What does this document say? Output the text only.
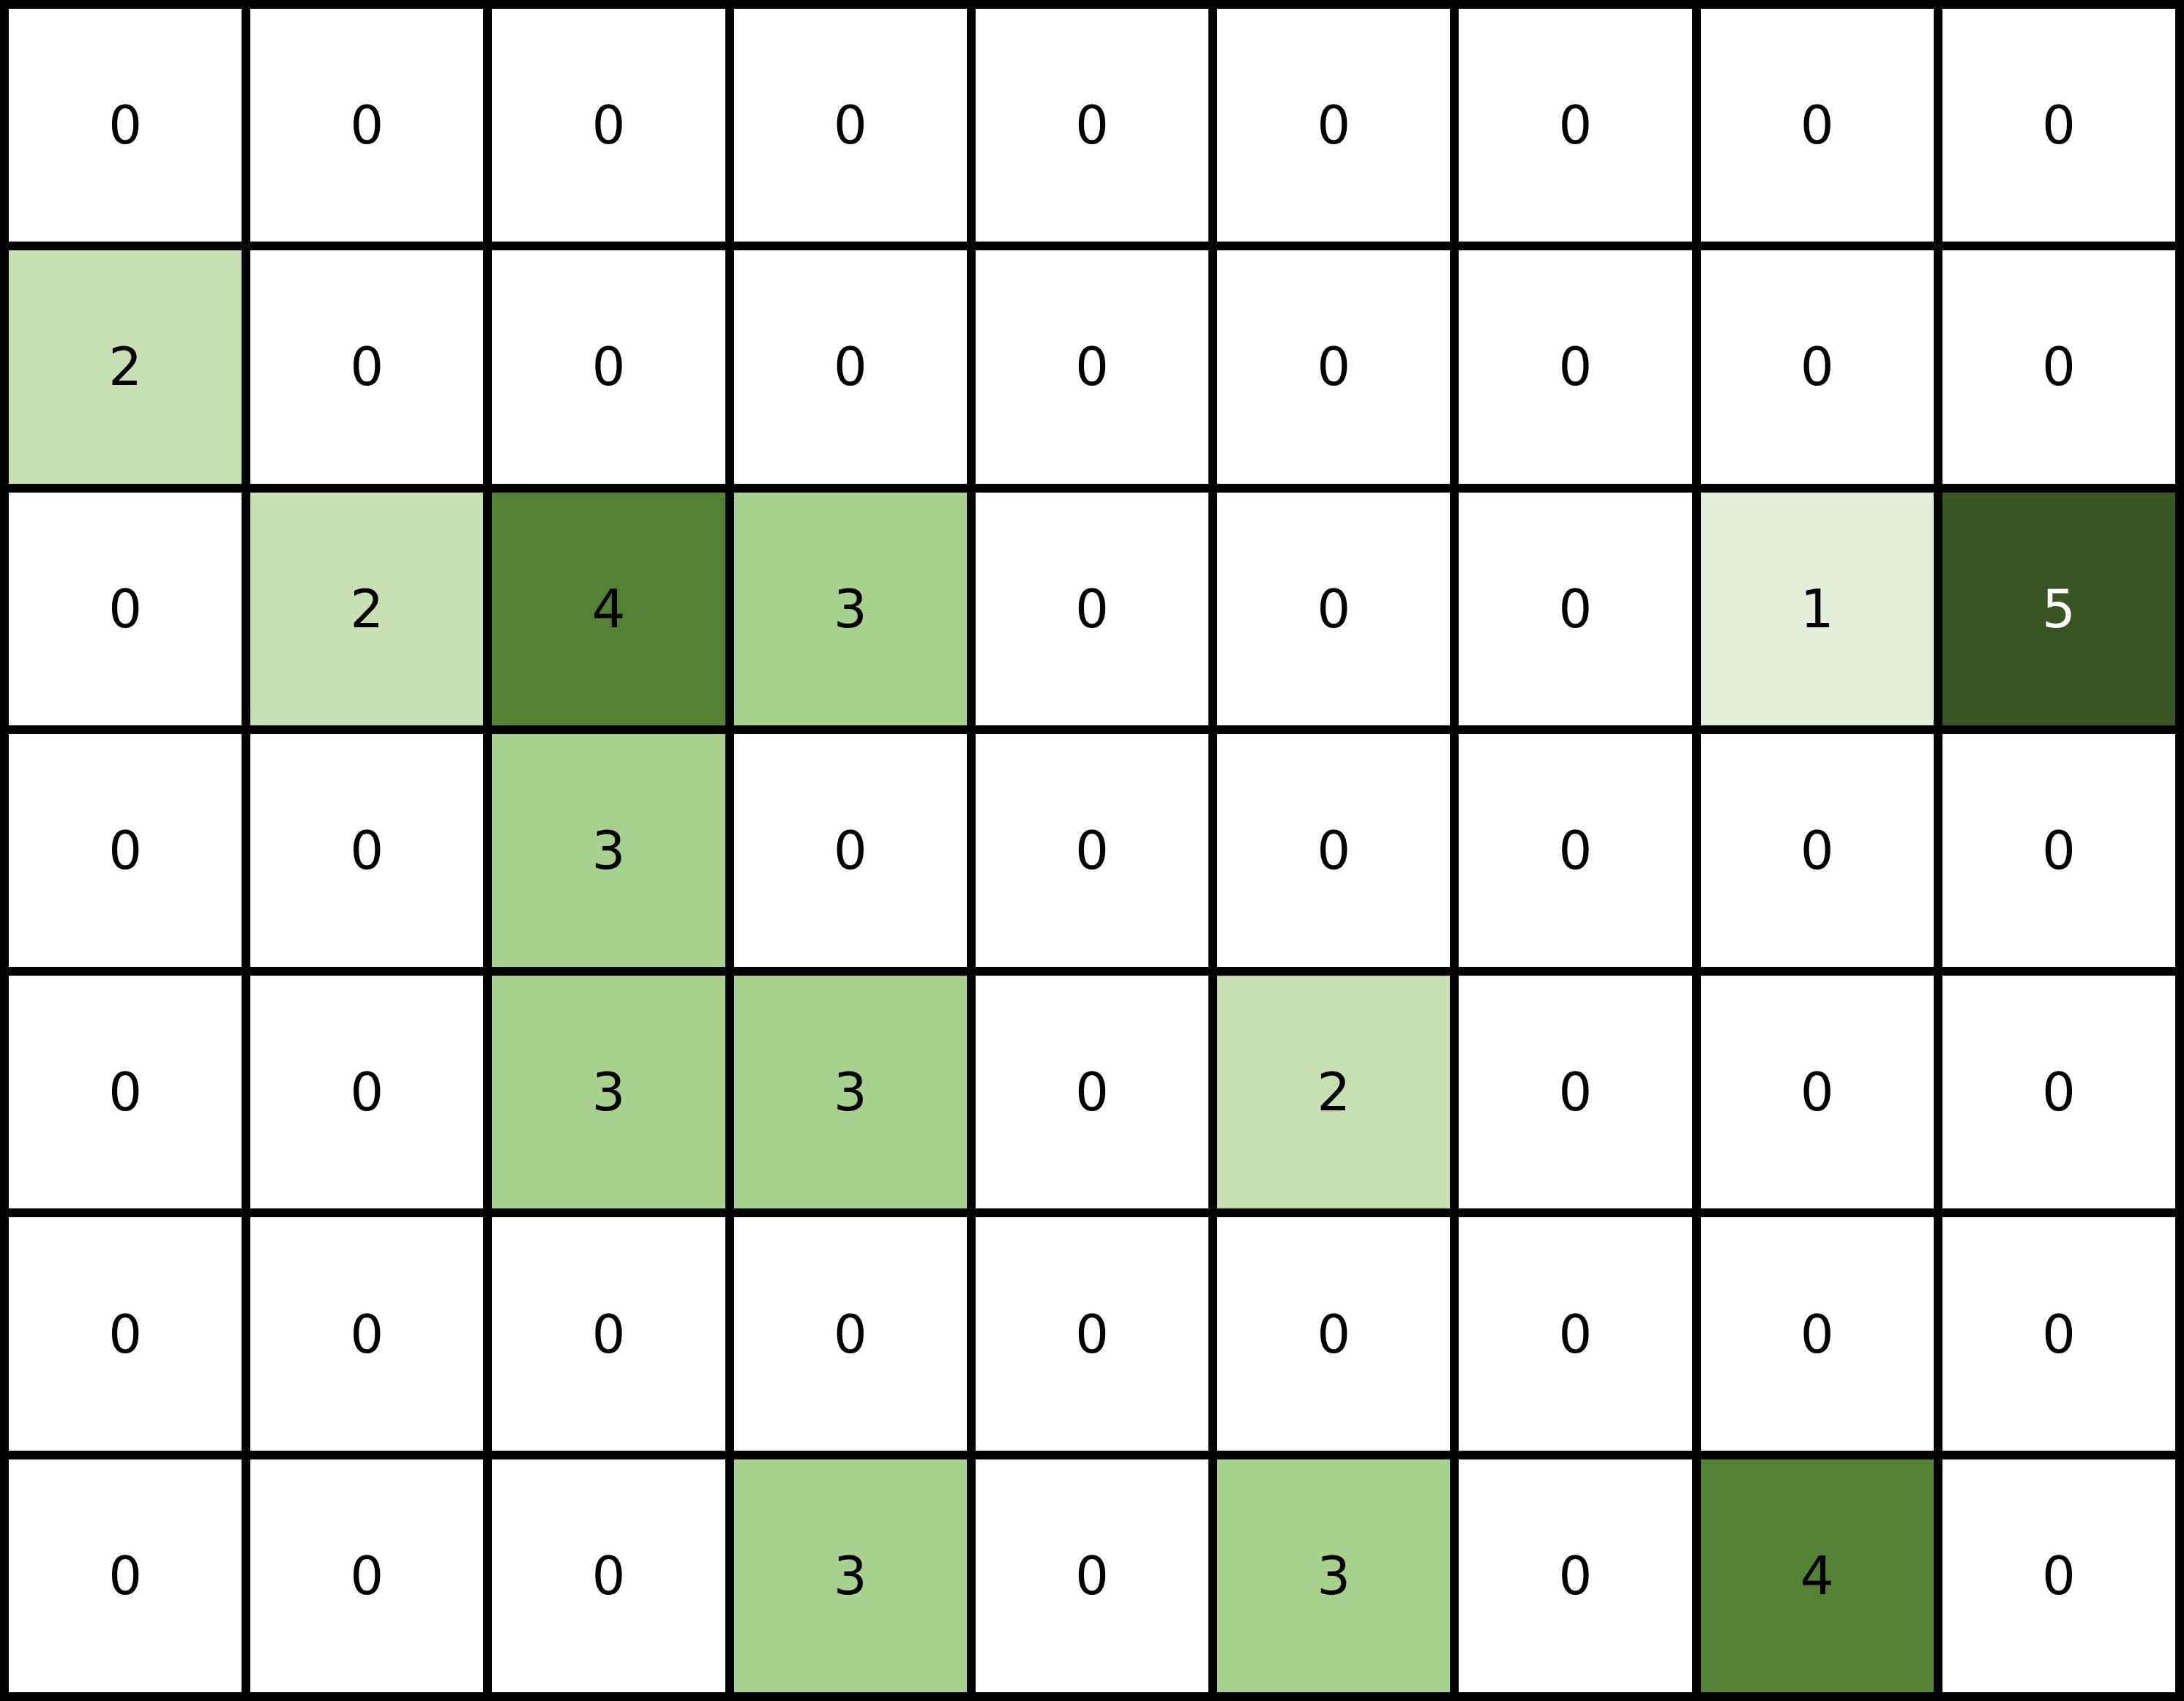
0	0	0	0	0	0	0	0	0
2	0	0	0	0	0	0	0	0
0	2	4	3	0	0	0	1	5
0	0	3	0	0	0	0	0	0
0	0	3	3	0	2	0	0	0
0	0	0	0	0	0	0	0	0
0	0	0	3	0	3	0	4	0
